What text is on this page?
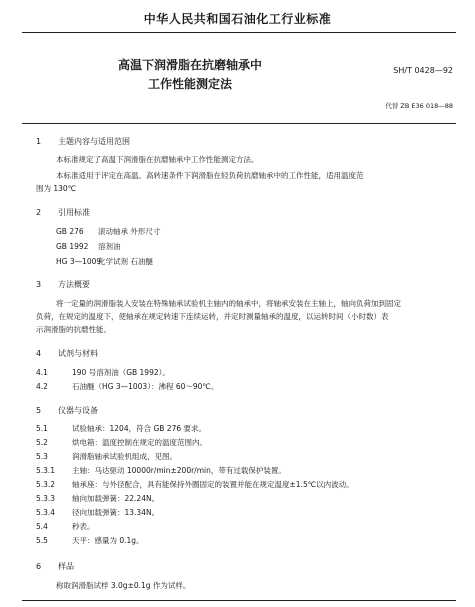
中华人民共和国石油化工行业标准
SH/T 0428—92
高温下润滑脂在抗磨轴承中
工作性能测定法
代替 ZB E36 018—88
1 主题内容与适用范围
本标准规定了高温下润滑脂在抗磨轴承中工作性能测定方法。
本标准适用于评定在高温、高转速条件下润滑脂在轻负荷抗磨轴承中的工作性能，适用温度范
围为 130℃
2 引用标准
GB 276 滚动轴承 外形尺寸
GB 1992 溶剂油
HG 3—1009化学试剂 石油醚
3 方法概要
将一定量的润滑脂装入安装在特殊轴承试验机主轴内的轴承中，将轴承安装在主轴上，轴向负荷加到固定
负荷，在规定的温度下，使轴承在规定转速下连续运转，并定时测量轴承的温度，以运转时间（小时数）表
示润滑脂的抗磨性能。
4 试剂与材料
4.1	190 号溶剂油（GB 1992）。
4.2	石油醚（HG 3—1003）：沸程 60～90℃。
5 仪器与设备
5.1	试验轴承：1204，符合 GB 276 要求。
5.2	烘电箱：温度控制在规定的温度范围内。
5.3	润滑脂轴承试验机组成，见图。
5.3.1 主轴：马达驱动 10000r/min±200r/min，带有过载保护装置。
5.3.2 轴承座：与外径配合，具有能保持外圈固定的装置并能在规定温度±1.5℃以内波动。
5.3.3 轴向加载弹簧：22.24N。
5.3.4 径向加载弹簧：13.34N。
5.4	秒表。
5.5	天平：感量为 0.1g。
6 样品
称取润滑脂试样 3.0g±0.1g 作为试样。
